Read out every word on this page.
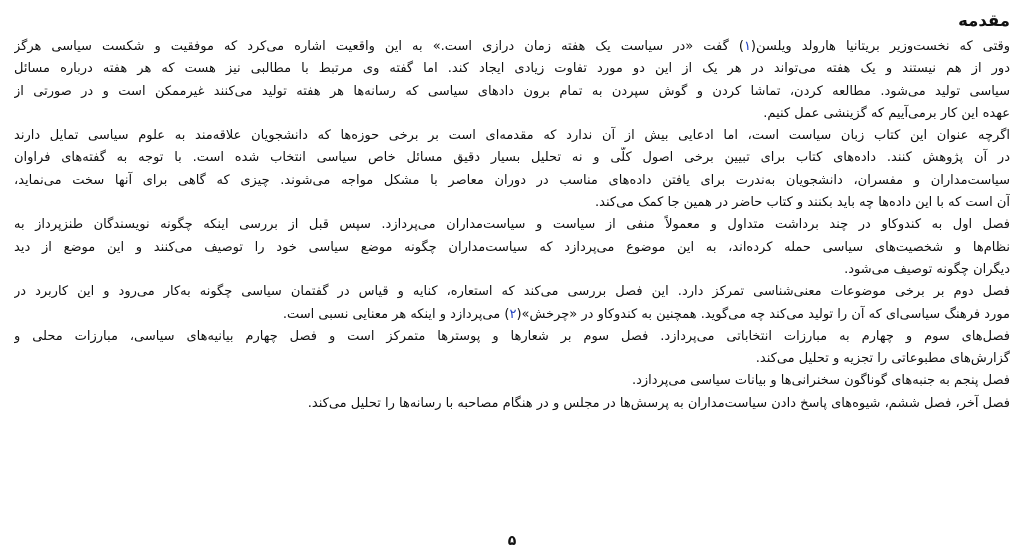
مقدمه
وقتی که نخست‌وزیر بریتانیا هارولد ویلسن(۱) گفت «در سیاست یک هفته زمان درازی است.» به این واقعیت اشاره می‌کرد که موفقیت و شکست سیاسی هرگز
دور از هم نیستند و یک هفته می‌تواند در هر یک از این دو مورد تفاوت زیادی ایجاد کند. اما گفته وی مرتبط با مطالبی نیز هست که هر هفته درباره مسائل
سیاسی تولید می‌شود. مطالعه کردن، تماشا کردن و گوش سپردن به تمام برون دادهای سیاسی که رسانه‌ها هر هفته تولید می‌کنند غیرممکن است و در صورتی از
عهده این کار برمی‌آییم که گزینشی عمل کنیم.
اگرچه عنوان این کتاب زبان سیاست است، اما ادعایی بیش از آن ندارد که مقدمه‌ای است بر برخی حوزه‌ها که دانشجویان علاقه‌مند به علوم سیاسی تمایل دارند
در آن پژوهش کنند. داده‌های کتاب برای تبیین برخی اصول کلّی و نه تحلیل بسیار دقیق مسائل خاص سیاسی انتخاب شده است. با توجه به گفته‌های فراوان
سیاست‌مداران و مفسران، دانشجویان به‌ندرت برای یافتن داده‌های مناسب در دوران معاصر با مشکل مواجه می‌شوند. چیزی که گاهی برای آنها سخت می‌نماید،
آن است که با این داده‌ها چه باید بکنند و کتاب حاضر در همین جا کمک می‌کند.
فصل اول به کندوکاو در چند برداشت متداول و معمولاً منفی از سیاست و سیاست‌مداران می‌پردازد. سپس قبل از بررسی اینکه چگونه نویسندگان طنزپرداز به
نظام‌ها و شخصیت‌های سیاسی حمله کرده‌اند، به این موضوع می‌پردازد که سیاست‌مداران چگونه موضع سیاسی خود را توصیف می‌کنند و این موضع از دید
دیگران چگونه توصیف می‌شود.
فصل دوم بر برخی موضوعات معنی‌شناسی تمرکز دارد. این فصل بررسی می‌کند که استعاره، کنایه و قیاس در گفتمان سیاسی چگونه به‌کار می‌رود و این کاربرد در
مورد فرهنگ سیاسی‌ای که آن را تولید می‌کند چه می‌گوید. همچنین به کندوکاو در «چرخش»(۲) می‌پردازد و اینکه هر معنایی نسبی است.
فصل‌های سوم و چهارم به مبارزات انتخاباتی می‌پردازد. فصل سوم بر شعارها و پوسترها متمرکز است و فصل چهارم بیانیه‌های سیاسی، مبارزات محلی و
گزارش‌های مطبوعاتی را تجزیه و تحلیل می‌کند.
فصل پنجم به جنبه‌های گوناگون سخنرانی‌ها و بیانات سیاسی می‌پردازد.
فصل آخر، فصل ششم، شیوه‌های پاسخ دادن سیاست‌مداران به پرسش‌ها در مجلس و در هنگام مصاحبه با رسانه‌ها را تحلیل می‌کند.
۵
